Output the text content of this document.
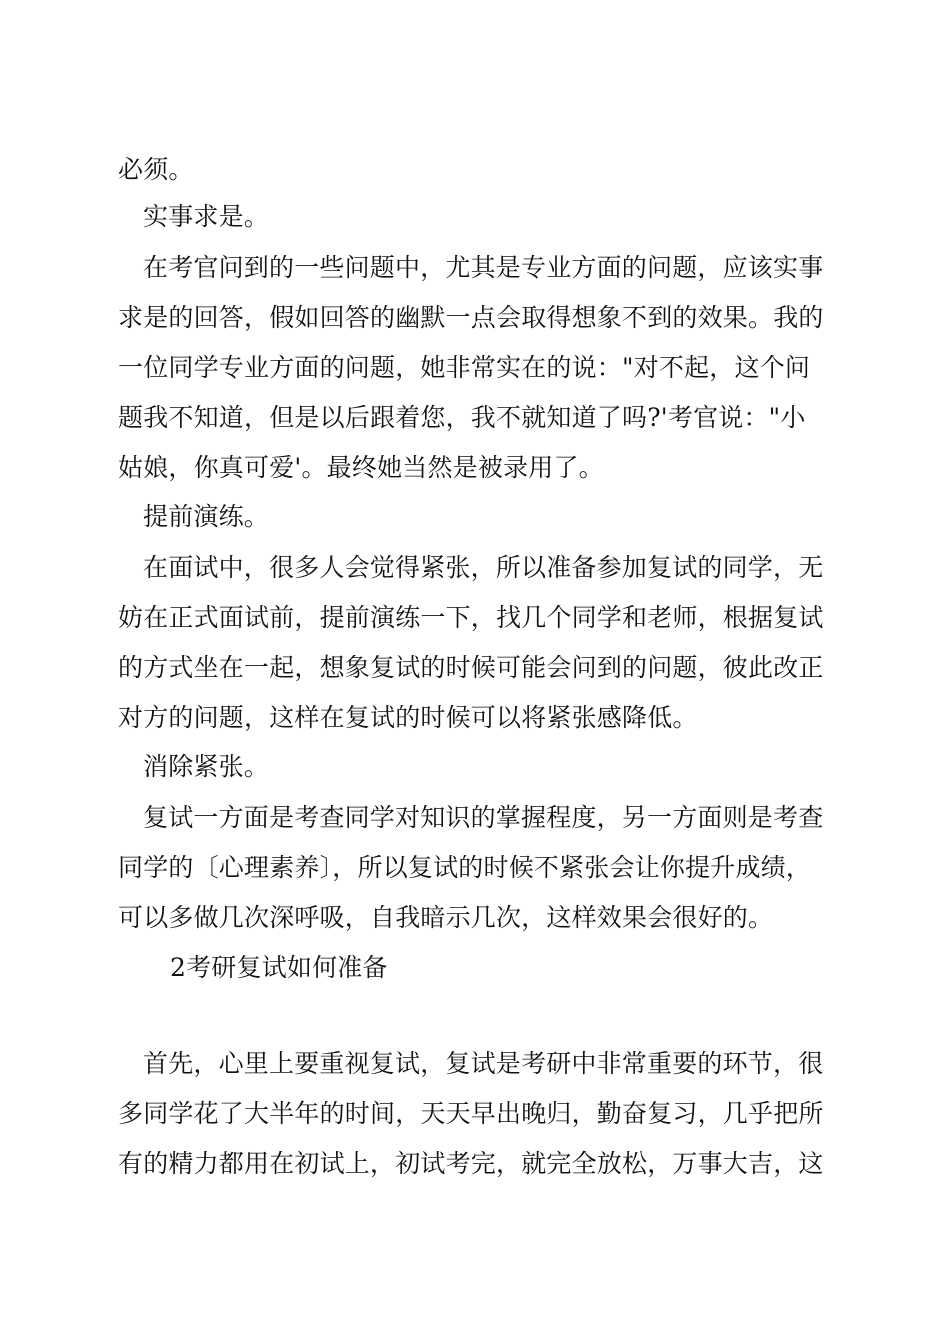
必须。
实事求是。
在考官问到的一些问题中，尤其是专业方面的问题，应该实事
求是的回答，假如回答的幽默一点会取得想象不到的效果。我的
一位同学专业方面的问题，她非常实在的说："对不起，这个问
题我不知道，但是以后跟着您，我不就知道了吗?'考官说："小
姑娘，你真可爱'。最终她当然是被录用了。
提前演练。
在面试中，很多人会觉得紧张，所以准备参加复试的同学，无
妨在正式面试前，提前演练一下，找几个同学和老师，根据复试
的方式坐在一起，想象复试的时候可能会问到的问题，彼此改正
对方的问题，这样在复试的时候可以将紧张感降低。
消除紧张。
复试一方面是考查同学对知识的掌握程度，另一方面则是考查
同学的〔心理素养〕，所以复试的时候不紧张会让你提升成绩，
可以多做几次深呼吸，自我暗示几次，这样效果会很好的。
2考研复试如何准备
首先，心里上要重视复试，复试是考研中非常重要的环节，很
多同学花了大半年的时间，天天早出晚归，勤奋复习，几乎把所
有的精力都用在初试上，初试考完，就完全放松，万事大吉，这
